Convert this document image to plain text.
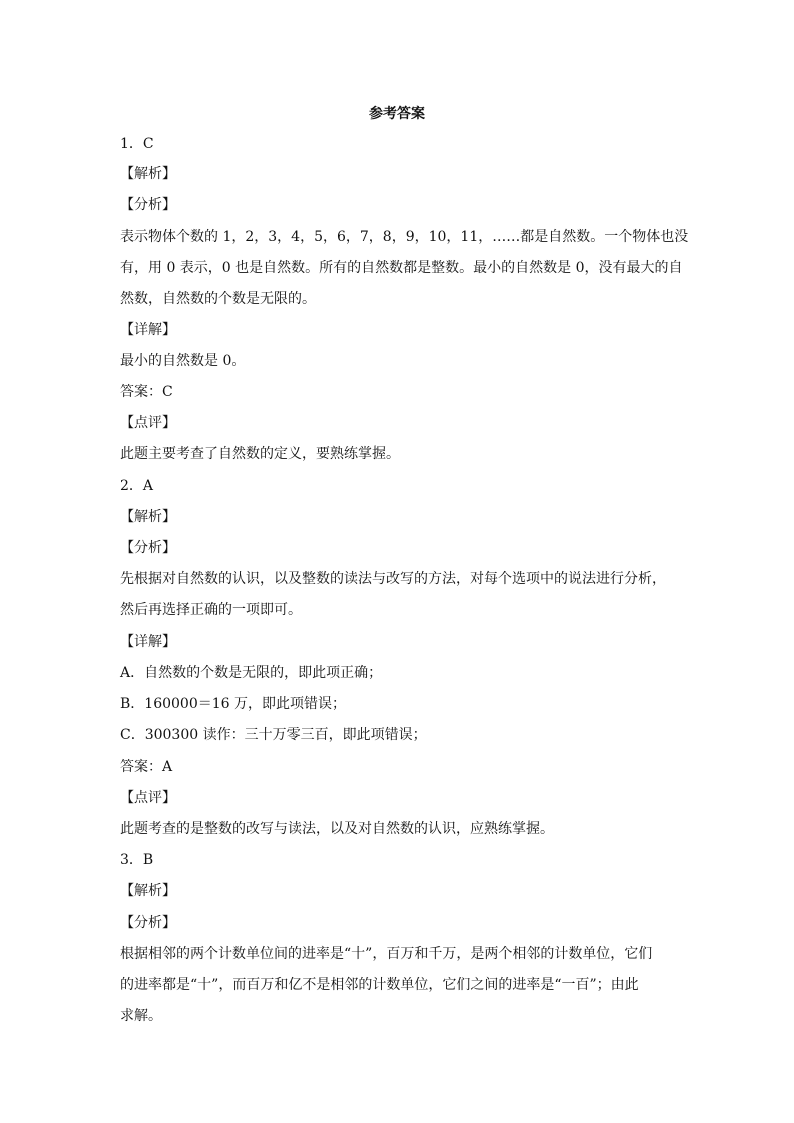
参考答案
1．C
【解析】
【分析】
表示物体个数的 1，2，3，4，5，6，7，8，9，10，11，……都是自然数。一个物体也没
有，用 0 表示，0 也是自然数。所有的自然数都是整数。最小的自然数是 0，没有最大的自
然数，自然数的个数是无限的。
【详解】
最小的自然数是 0。
答案：C
【点评】
此题主要考查了自然数的定义，要熟练掌握。
2．A
【解析】
【分析】
先根据对自然数的认识，以及整数的读法与改写的方法，对每个选项中的说法进行分析，
然后再选择正确的一项即可。
【详解】
A．自然数的个数是无限的，即此项正确；
B．160000＝16 万，即此项错误；
C．300300 读作：三十万零三百，即此项错误；
答案：A
【点评】
此题考查的是整数的改写与读法，以及对自然数的认识，应熟练掌握。
3．B
【解析】
【分析】
根据相邻的两个计数单位间的进率是“十”，百万和千万，是两个相邻的计数单位，它们
的进率都是“十”，而百万和亿不是相邻的计数单位，它们之间的进率是“一百”；由此
求解。
